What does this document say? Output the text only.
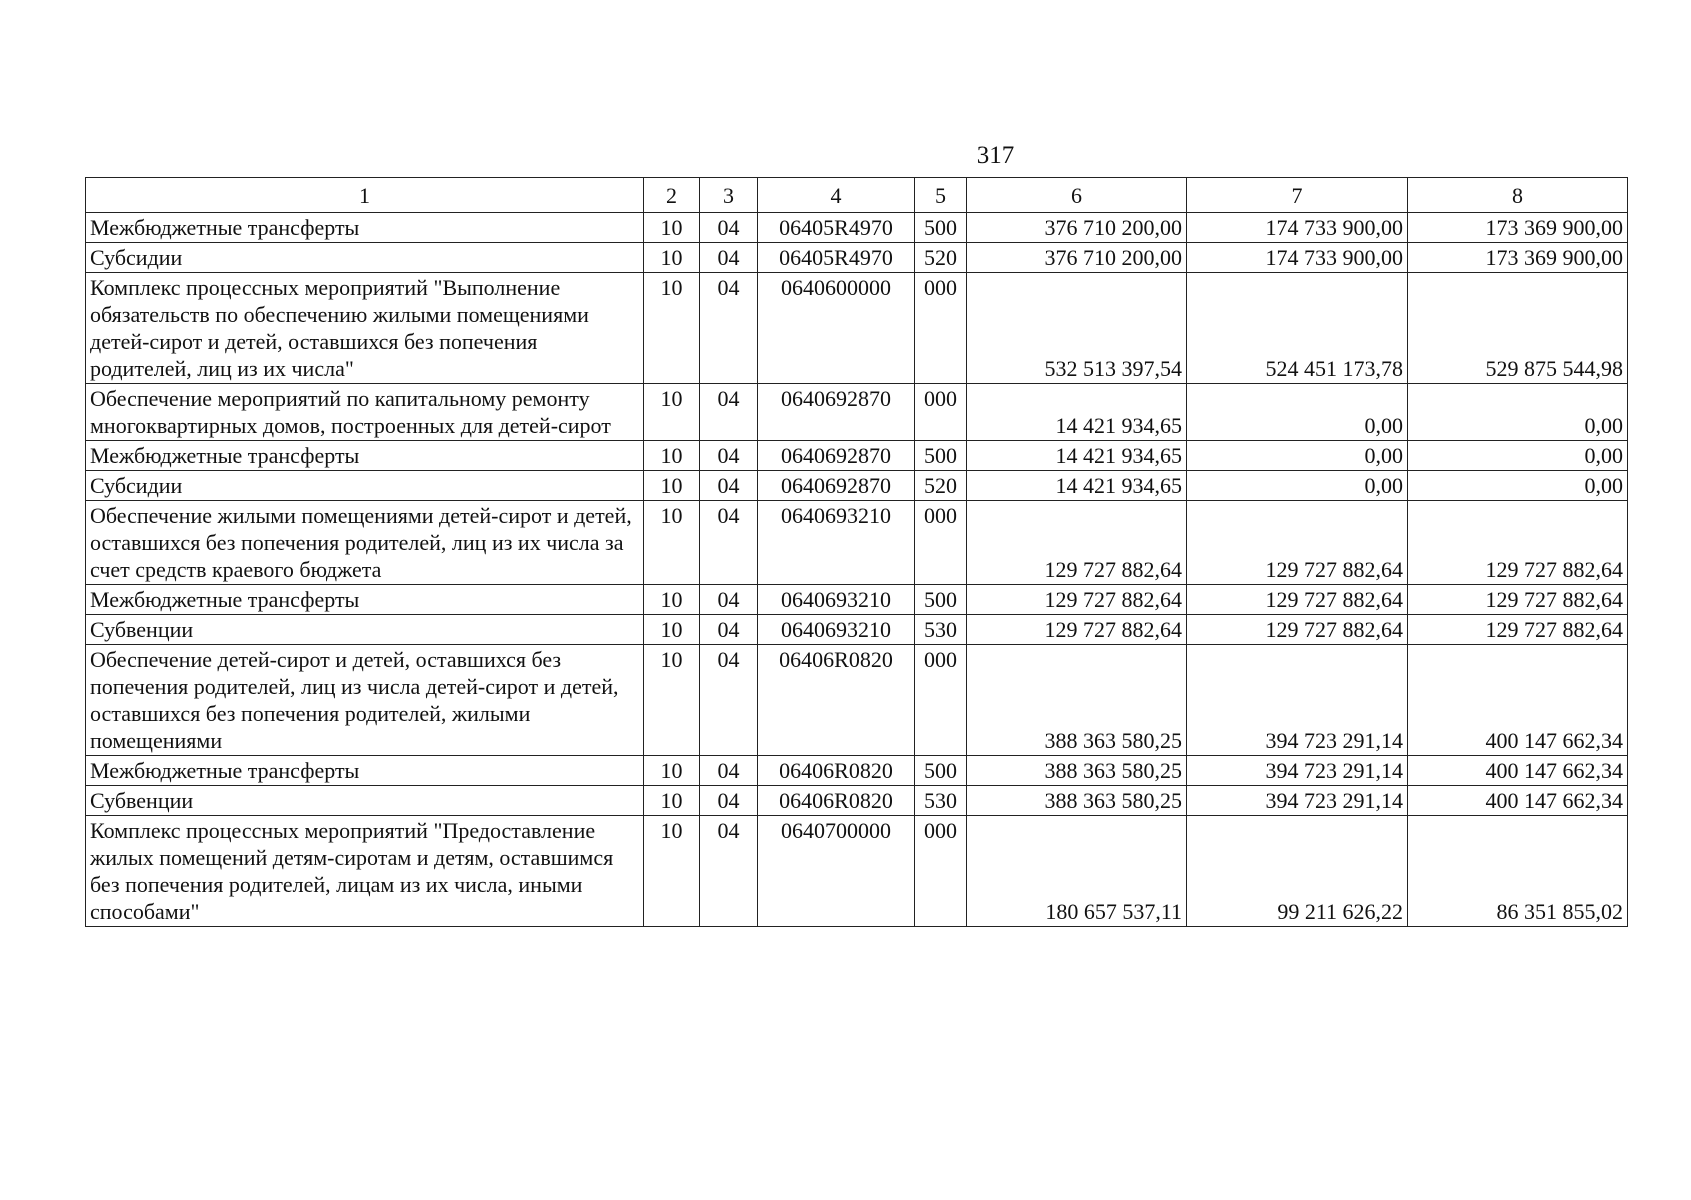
317
1	2	3	4	5	6	7	8
Межбюджетные трансферты	10	04	06405R4970	500	376 710 200,00	174 733 900,00	173 369 900,00
Субсидии	10	04	06405R4970	520	376 710 200,00	174 733 900,00	173 369 900,00
Комплекс процессных мероприятий "Выполнение обязательств по обеспечению жилыми помещениями детей-сирот и детей, оставшихся без попечения родителей, лиц из их числа"	10	04	0640600000	000	532 513 397,54	524 451 173,78	529 875 544,98
Обеспечение мероприятий по капитальному ремонту многоквартирных домов, построенных для детей-сирот	10	04	0640692870	000	14 421 934,65	0,00	0,00
Межбюджетные трансферты	10	04	0640692870	500	14 421 934,65	0,00	0,00
Субсидии	10	04	0640692870	520	14 421 934,65	0,00	0,00
Обеспечение жилыми помещениями детей-сирот и детей, оставшихся без попечения родителей, лиц из их числа за счет средств краевого бюджета	10	04	0640693210	000	129 727 882,64	129 727 882,64	129 727 882,64
Межбюджетные трансферты	10	04	0640693210	500	129 727 882,64	129 727 882,64	129 727 882,64
Субвенции	10	04	0640693210	530	129 727 882,64	129 727 882,64	129 727 882,64
Обеспечение детей-сирот и детей, оставшихся без попечения родителей, лиц из числа детей-сирот и детей, оставшихся без попечения родителей, жилыми помещениями	10	04	06406R0820	000	388 363 580,25	394 723 291,14	400 147 662,34
Межбюджетные трансферты	10	04	06406R0820	500	388 363 580,25	394 723 291,14	400 147 662,34
Субвенции	10	04	06406R0820	530	388 363 580,25	394 723 291,14	400 147 662,34
Комплекс процессных мероприятий "Предоставление жилых помещений детям-сиротам и детям, оставшимся без попечения родителей, лицам из их числа, иными способами"	10	04	0640700000	000	180 657 537,11	99 211 626,22	86 351 855,02
